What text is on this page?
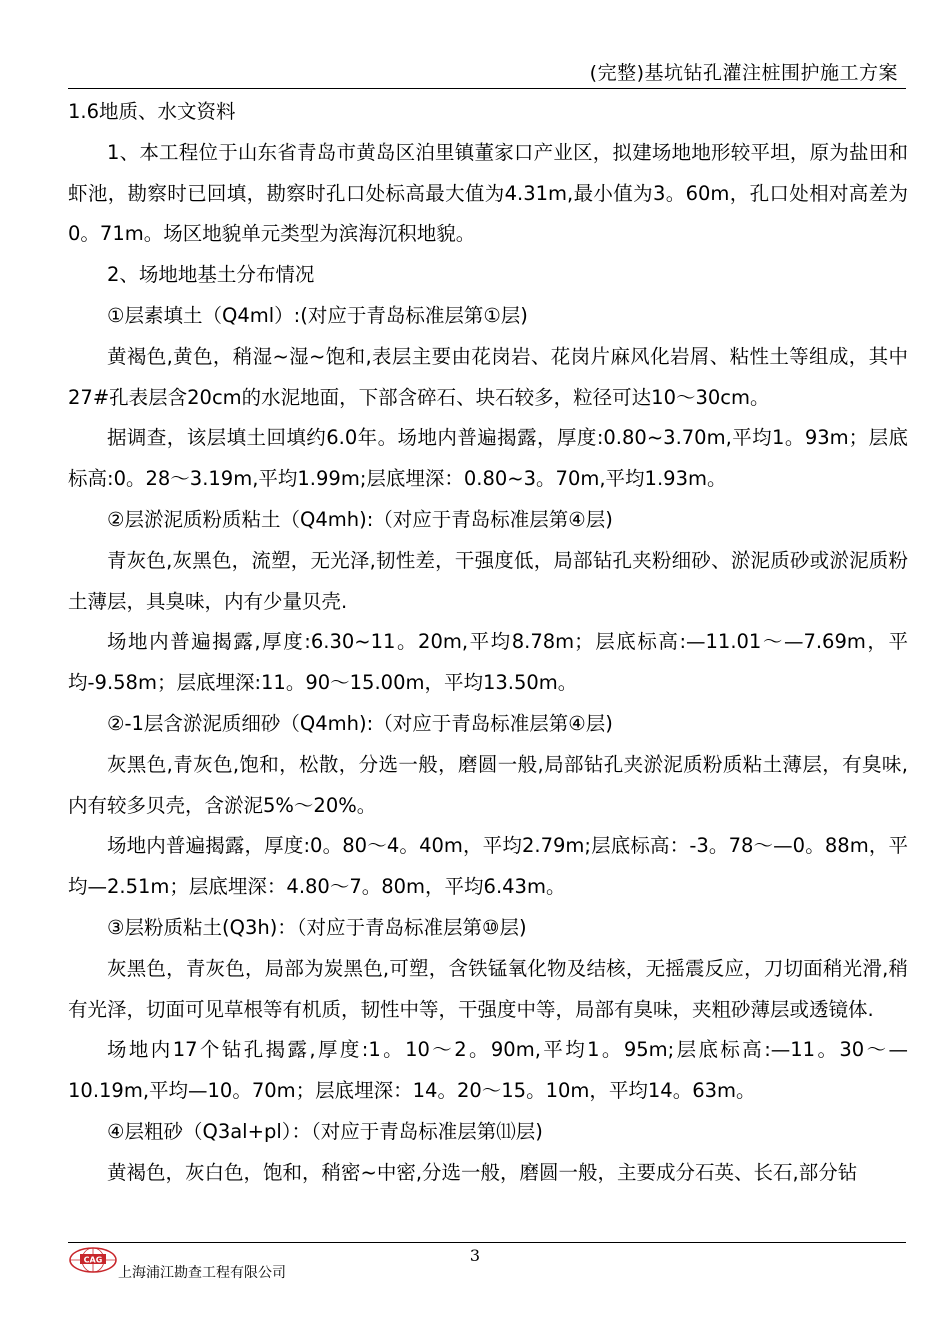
(完整)基坑钻孔灌注桩围护施工方案

1.6地质、水文资料

1、本工程位于山东省青岛市黄岛区泊里镇董家口产业区，拟建场地地形较平坦，原为盐田和虾池，勘察时已回填，勘察时孔口处标高最大值为4.31m,最小值为3。60m，孔口处相对高差为0。71m。场区地貌单元类型为滨海沉积地貌。

2、场地地基土分布情况

①层素填土（Q4ml）:(对应于青岛标准层第①层)

黄褐色,黄色，稍湿~湿~饱和,表层主要由花岗岩、花岗片麻风化岩屑、粘性土等组成，其中27#孔表层含20cm的水泥地面，下部含碎石、块石较多，粒径可达10～30cm。

据调查，该层填土回填约6.0年。场地内普遍揭露，厚度:0.80~3.70m,平均1。93m；层底标高:0。28～3.19m,平均1.99m;层底埋深：0.80~3。70m,平均1.93m。

②层淤泥质粉质粘土（Q4mh):（对应于青岛标准层第④层)

青灰色,灰黑色，流塑，无光泽,韧性差，干强度低，局部钻孔夹粉细砂、淤泥质砂或淤泥质粉土薄层，具臭味，内有少量贝壳.

场地内普遍揭露,厚度:6.30~11。20m,平均8.78m；层底标高:—11.01～—7.69m，平均-9.58m；层底埋深:11。90～15.00m，平均13.50m。

②-1层含淤泥质细砂（Q4mh):（对应于青岛标准层第④层)

灰黑色,青灰色,饱和，松散，分选一般，磨圆一般,局部钻孔夹淤泥质粉质粘土薄层，有臭味,内有较多贝壳，含淤泥5%～20%。

场地内普遍揭露，厚度:0。80～4。40m，平均2.79m;层底标高：-3。78～—0。88m，平均—2.51m；层底埋深：4.80～7。80m，平均6.43m。

③层粉质粘土(Q3h)：（对应于青岛标准层第⑩层)

灰黑色，青灰色，局部为炭黑色,可塑，含铁锰氧化物及结核，无摇震反应，刀切面稍光滑,稍有光泽，切面可见草根等有机质，韧性中等，干强度中等，局部有臭味，夹粗砂薄层或透镜体.

场地内17个钻孔揭露,厚度:1。10～2。90m,平均1。95m;层底标高:—11。30～—10.19m,平均—10。70m；层底埋深：14。20～15。10m，平均14。63m。

④层粗砂（Q3al+pl）：（对应于青岛标准层第⑾层)

黄褐色，灰白色，饱和，稍密~中密,分选一般，磨圆一般，主要成分石英、长石,部分钻

3
CAG
上海浦江勘查工程有限公司
